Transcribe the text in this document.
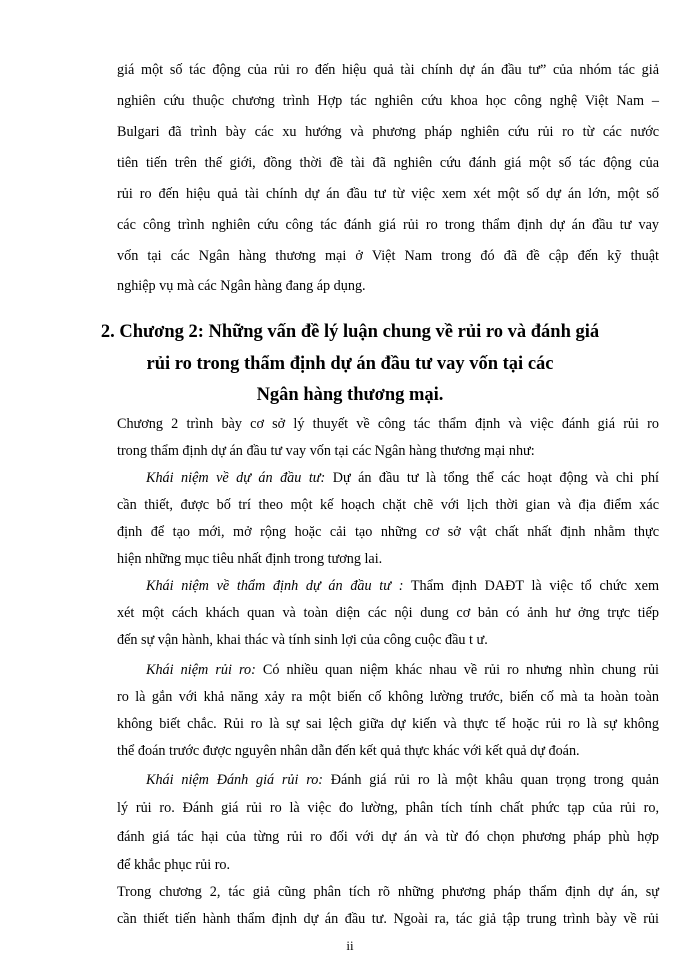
giá một số tác động của rủi ro đến hiệu quả tài chính dự án đầu tư” của nhóm tác giả
nghiên cứu thuộc chương trình Hợp tác nghiên cứu khoa học công nghệ Việt Nam –
Bulgari đã trình bày các xu hướng và phương pháp nghiên cứu rủi ro từ các nước
tiên tiến trên thế giới, đồng thời đề tài đã nghiên cứu đánh giá một số tác động của
rủi ro đến hiệu quả tài chính dự án đầu tư từ việc xem xét một số dự án lớn, một số
các công trình nghiên cứu công tác đánh giá rủi ro trong thẩm định dự án đầu tư vay
vốn tại các Ngân hàng thương mại ở Việt Nam trong đó đã đề cập đến kỹ thuật
nghiệp vụ mà các Ngân hàng đang áp dụng.
2. Chương 2: Những vấn đề lý luận chung về rủi ro và đánh giá
rủi ro trong thẩm định dự án đầu tư vay vốn tại các
Ngân hàng thương mại.
Chương 2 trình bày cơ sở lý thuyết về công tác thẩm định và việc đánh giá rủi ro
trong thẩm định dự án đầu tư vay vốn tại các Ngân hàng thương mại như:
Khái niệm về dự án đầu tư: Dự án đầu tư là tổng thể các hoạt động và chi phí
cần thiết, được bố trí theo một kế hoạch chặt chẽ với lịch thời gian và địa điểm xác
định để tạo mới, mở rộng hoặc cải tạo những cơ sở vật chất nhất định nhằm thực
hiện những mục tiêu nhất định trong tương lai.
Khái niệm về thẩm định dự án đầu tư : Thẩm định DAĐT là việc tổ chức xem
xét một cách khách quan và toàn diện các nội dung cơ bản có ảnh hư ởng trực tiếp
đến sự vận hành, khai thác và tính sinh lợi của công cuộc đầu t ư.
Khái niệm rủi ro: Có nhiều quan niệm khác nhau về rủi ro nhưng nhìn chung rủi
ro là gắn với khả năng xảy ra một biến cố không lường trước, biến cố mà ta hoàn toàn
không biết chắc. Rủi ro là sự sai lệch giữa dự kiến và thực tế hoặc rủi ro là sự không
thể đoán trước được nguyên nhân dẫn đến kết quả thực khác với kết quả dự đoán.
Khái niệm Đánh giá rủi ro: Đánh giá rủi ro là một khâu quan trọng trong quản
lý rủi ro. Đánh giá rủi ro là việc đo lường, phân tích tính chất phức tạp của rủi ro,
đánh giá tác hại của từng rủi ro đối với dự án và từ đó chọn phương pháp phù hợp
để khắc phục rủi ro.
Trong chương 2, tác giả cũng phân tích rõ những phương pháp thẩm định dự án, sự
cần thiết tiến hành thẩm định dự án đầu tư. Ngoài ra, tác giả tập trung trình bày về rủi
ii
